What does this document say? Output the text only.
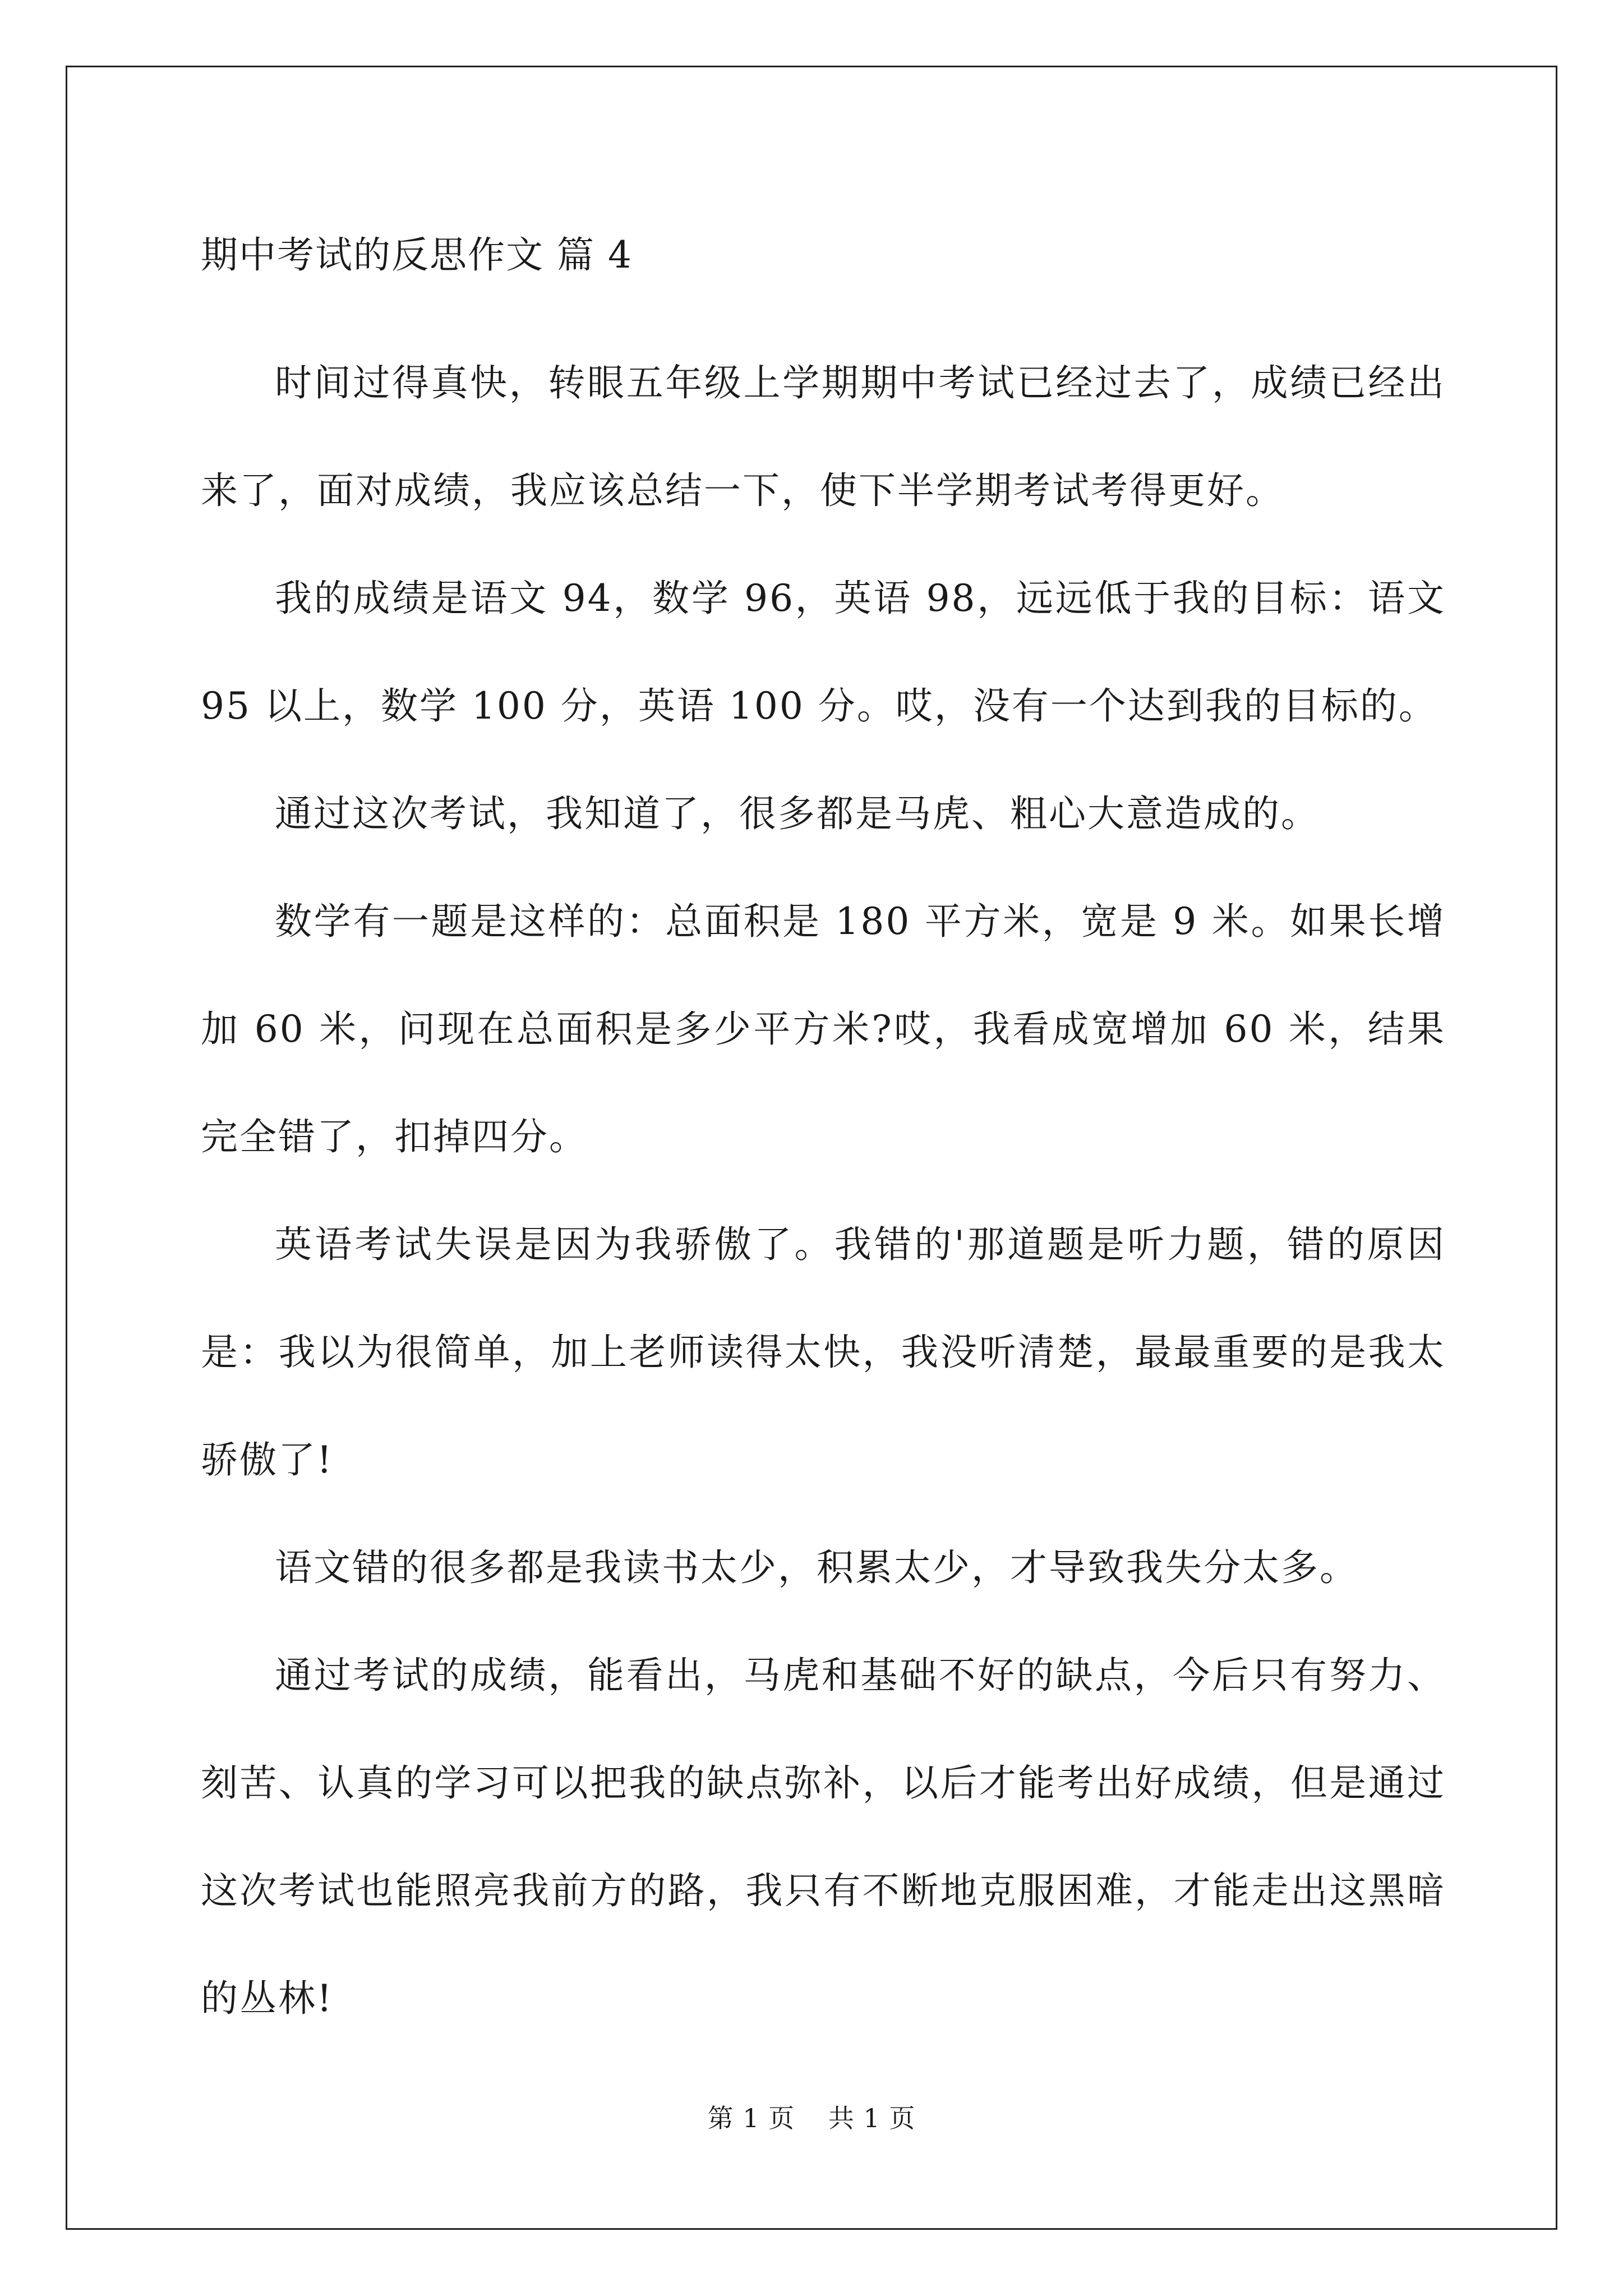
期中考试的反思作文 篇 4

时间过得真快，转眼五年级上学期期中考试已经过去了，成绩已经出来了，面对成绩，我应该总结一下，使下半学期考试考得更好。

我的成绩是语文 94，数学 96，英语 98，远远低于我的目标：语文 95 以上，数学 100 分，英语 100 分。哎，没有一个达到我的目标的。

通过这次考试，我知道了，很多都是马虎、粗心大意造成的。

数学有一题是这样的：总面积是 180 平方米，宽是 9 米。如果长增加 60 米，问现在总面积是多少平方米?哎，我看成宽增加 60 米，结果完全错了，扣掉四分。

英语考试失误是因为我骄傲了。我错的'那道题是听力题，错的原因是：我以为很简单，加上老师读得太快，我没听清楚，最最重要的是我太骄傲了!

语文错的很多都是我读书太少，积累太少，才导致我失分太多。

通过考试的成绩，能看出，马虎和基础不好的缺点，今后只有努力、刻苦、认真的学习可以把我的缺点弥补，以后才能考出好成绩，但是通过这次考试也能照亮我前方的路，我只有不断地克服困难，才能走出这黑暗的丛林!

第 1 页 共 1 页
